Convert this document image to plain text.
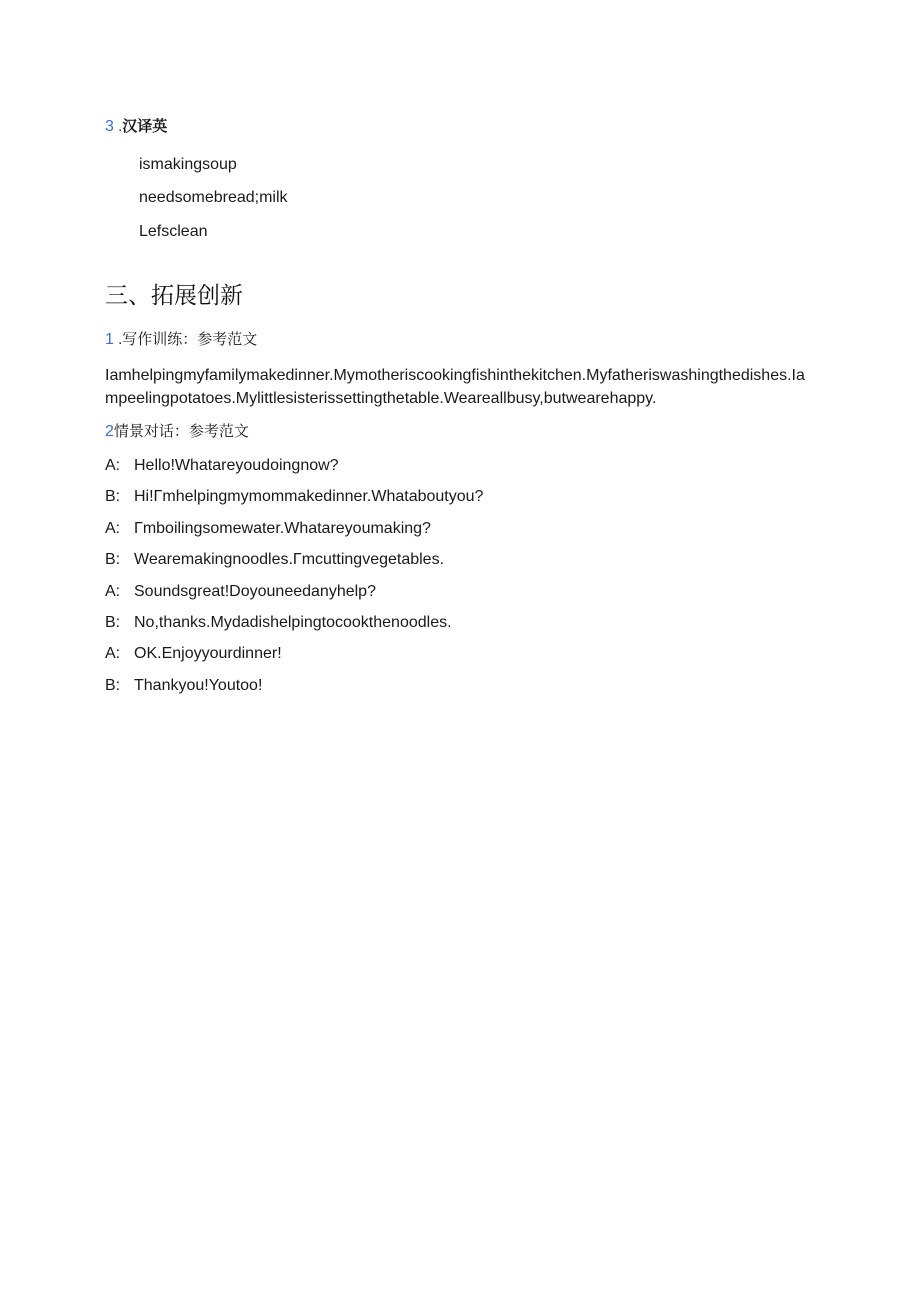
3 .汉译英
ismakingsoup
needsomebread;milk
Lefsclean
三、拓展创新
1 .写作训练：参考范文
Iamhelpingmyfamilymakedinner.Mymotheriscookingfishinthekitchen.Myfatheriswashingthedishes.Iampeelingpotatoes.Mylittlesisterissettingthetable.Weareallbusy,butwearehappy.
2情景对话：参考范文
A: Hello!Whatareyoudoingnow?
B: Hi!Γmhelpingmymommakedinner.Whataboutyou?
A: Γmboilingsomewater.Whatareyoumaking?
B: Wearemakingnoodles.Γmcuttingvegetables.
A: Soundsgreat!Doyouneedanyhelp?
B: No,thanks.Mydadishelpingtocookthenoodles.
A: OK.Enjoyyourdinner!
B: Thankyou!Youtoo!
